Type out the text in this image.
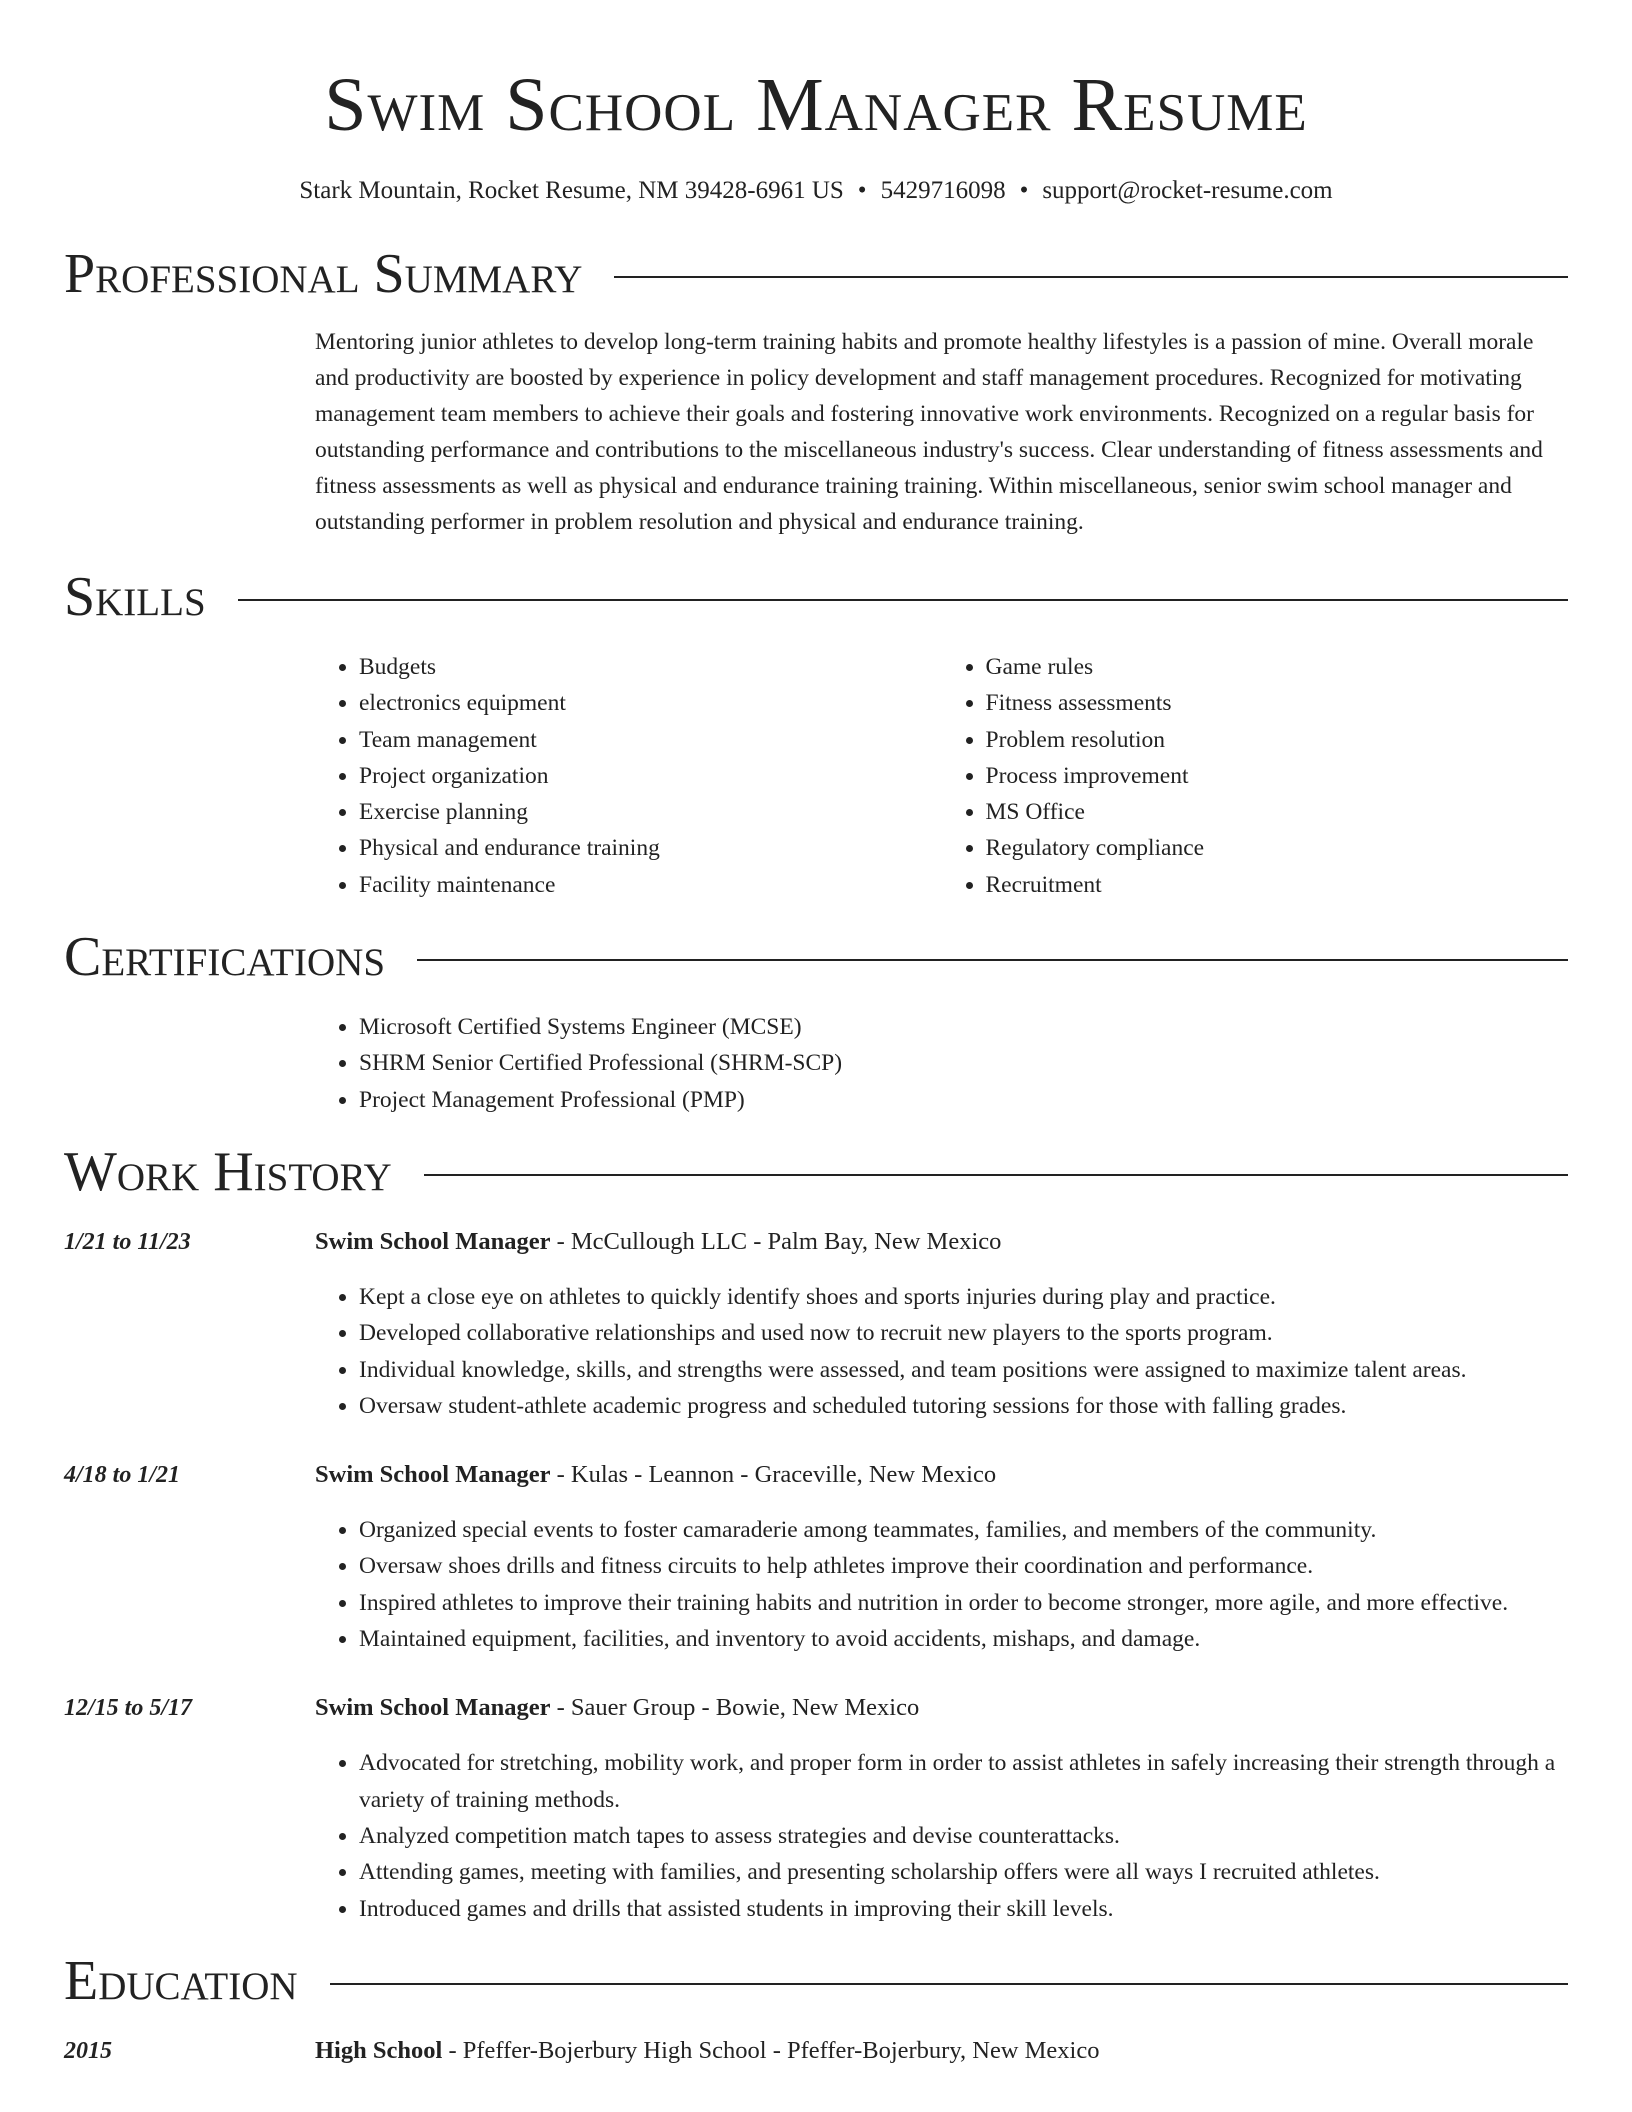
Swim School Manager Resume
Stark Mountain, Rocket Resume, NM 39428-6961 US • 5429716098 • support@rocket-resume.com
Professional Summary

Mentoring junior athletes to develop long-term training habits and promote healthy lifestyles is a passion of mine. Overall morale and productivity are boosted by experience in policy development and staff management procedures. Recognized for motivating management team members to achieve their goals and fostering innovative work environments. Recognized on a regular basis for outstanding performance and contributions to the miscellaneous industry's success. Clear understanding of fitness assessments and fitness assessments as well as physical and endurance training training. Within miscellaneous, senior swim school manager and outstanding performer in problem resolution and physical and endurance training.

Skills
• Budgets
• electronics equipment
• Team management
• Project organization
• Exercise planning
• Physical and endurance training
• Facility maintenance
• Game rules
• Fitness assessments
• Problem resolution
• Process improvement
• MS Office
• Regulatory compliance
• Recruitment
Certifications
• Microsoft Certified Systems Engineer (MCSE)
• SHRM Senior Certified Professional (SHRM-SCP)
• Project Management Professional (PMP)
Work History
1/21 to 11/23	Swim School Manager - McCullough LLC - Palm Bay, New Mexico
• Kept a close eye on athletes to quickly identify shoes and sports injuries during play and practice.
• Developed collaborative relationships and used now to recruit new players to the sports program.
• Individual knowledge, skills, and strengths were assessed, and team positions were assigned to maximize talent areas.
• Oversaw student-athlete academic progress and scheduled tutoring sessions for those with falling grades.
4/18 to 1/21	Swim School Manager - Kulas - Leannon - Graceville, New Mexico
• Organized special events to foster camaraderie among teammates, families, and members of the community.
• Oversaw shoes drills and fitness circuits to help athletes improve their coordination and performance.
• Inspired athletes to improve their training habits and nutrition in order to become stronger, more agile, and more effective.
• Maintained equipment, facilities, and inventory to avoid accidents, mishaps, and damage.
12/15 to 5/17	Swim School Manager - Sauer Group - Bowie, New Mexico
• Advocated for stretching, mobility work, and proper form in order to assist athletes in safely increasing their strength through a variety of training methods.
• Analyzed competition match tapes to assess strategies and devise counterattacks.
• Attending games, meeting with families, and presenting scholarship offers were all ways I recruited athletes.
• Introduced games and drills that assisted students in improving their skill levels.
Education
2015	High School - Pfeffer-Bojerbury High School - Pfeffer-Bojerbury, New Mexico
